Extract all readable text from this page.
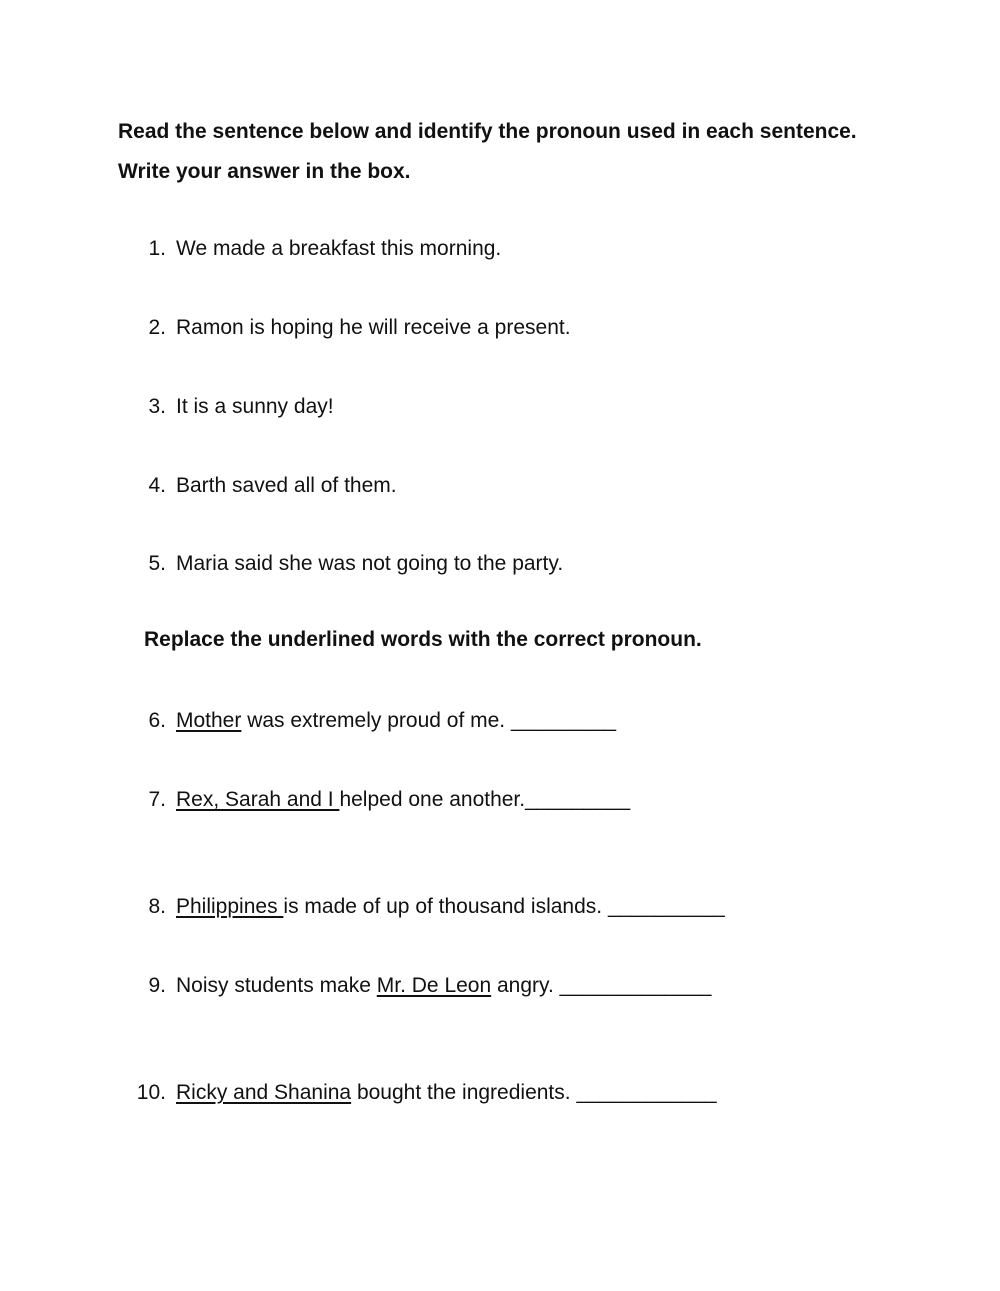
Read the sentence below and identify the pronoun used in each sentence. Write your answer in the box.

1. We made a breakfast this morning.
2. Ramon is hoping he will receive a present.
3. It is a sunny day!
4. Barth saved all of them.
5. Maria said she was not going to the party.

Replace the underlined words with the correct pronoun.

6. Mother was extremely proud of me. _________
7. Rex, Sarah and I helped one another._________
8. Philippines is made of up of thousand islands. __________
9. Noisy students make Mr. De Leon angry. _____________
10. Ricky and Shanina bought the ingredients. ____________
